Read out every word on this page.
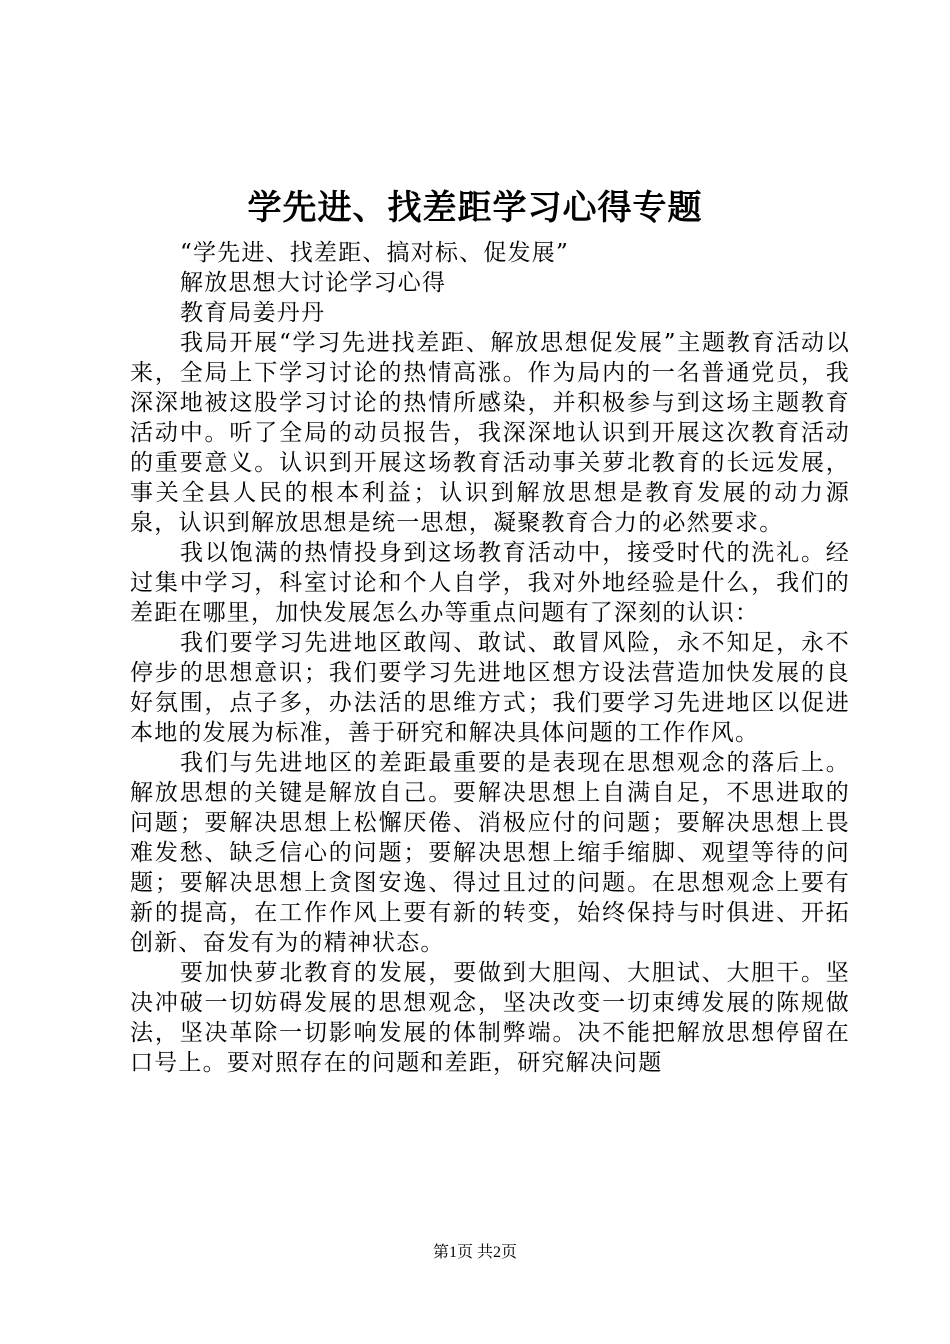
学先进、找差距学习心得专题

“学先进、找差距、搞对标、促发展”

解放思想大讨论学习心得

教育局姜丹丹

我局开展“学习先进找差距、解放思想促发展”主题教育活动以来，全局上下学习讨论的热情高涨。作为局内的一名普通党员，我深深地被这股学习讨论的热情所感染，并积极参与到这场主题教育活动中。听了全局的动员报告，我深深地认识到开展这次教育活动的重要意义。认识到开展这场教育活动事关萝北教育的长远发展，事关全县人民的根本利益；认识到解放思想是教育发展的动力源泉，认识到解放思想是统一思想，凝聚教育合力的必然要求。

我以饱满的热情投身到这场教育活动中，接受时代的洗礼。经过集中学习，科室讨论和个人自学，我对外地经验是什么，我们的差距在哪里，加快发展怎么办等重点问题有了深刻的认识：

我们要学习先进地区敢闯、敢试、敢冒风险，永不知足，永不停步的思想意识；我们要学习先进地区想方设法营造加快发展的良好氛围，点子多，办法活的思维方式；我们要学习先进地区以促进本地的发展为标准，善于研究和解决具体问题的工作作风。

我们与先进地区的差距最重要的是表现在思想观念的落后上。解放思想的关键是解放自己。要解决思想上自满自足，不思进取的问题；要解决思想上松懈厌倦、消极应付的问题；要解决思想上畏难发愁、缺乏信心的问题；要解决思想上缩手缩脚、观望等待的问题；要解决思想上贪图安逸、得过且过的问题。在思想观念上要有新的提高，在工作作风上要有新的转变，始终保持与时俱进、开拓创新、奋发有为的精神状态。

要加快萝北教育的发展，要做到大胆闯、大胆试、大胆干。坚决冲破一切妨碍发展的思想观念，坚决改变一切束缚发展的陈规做法，坚决革除一切影响发展的体制弊端。决不能把解放思想停留在口号上。要对照存在的问题和差距，研究解决问题

第1页 共2页
